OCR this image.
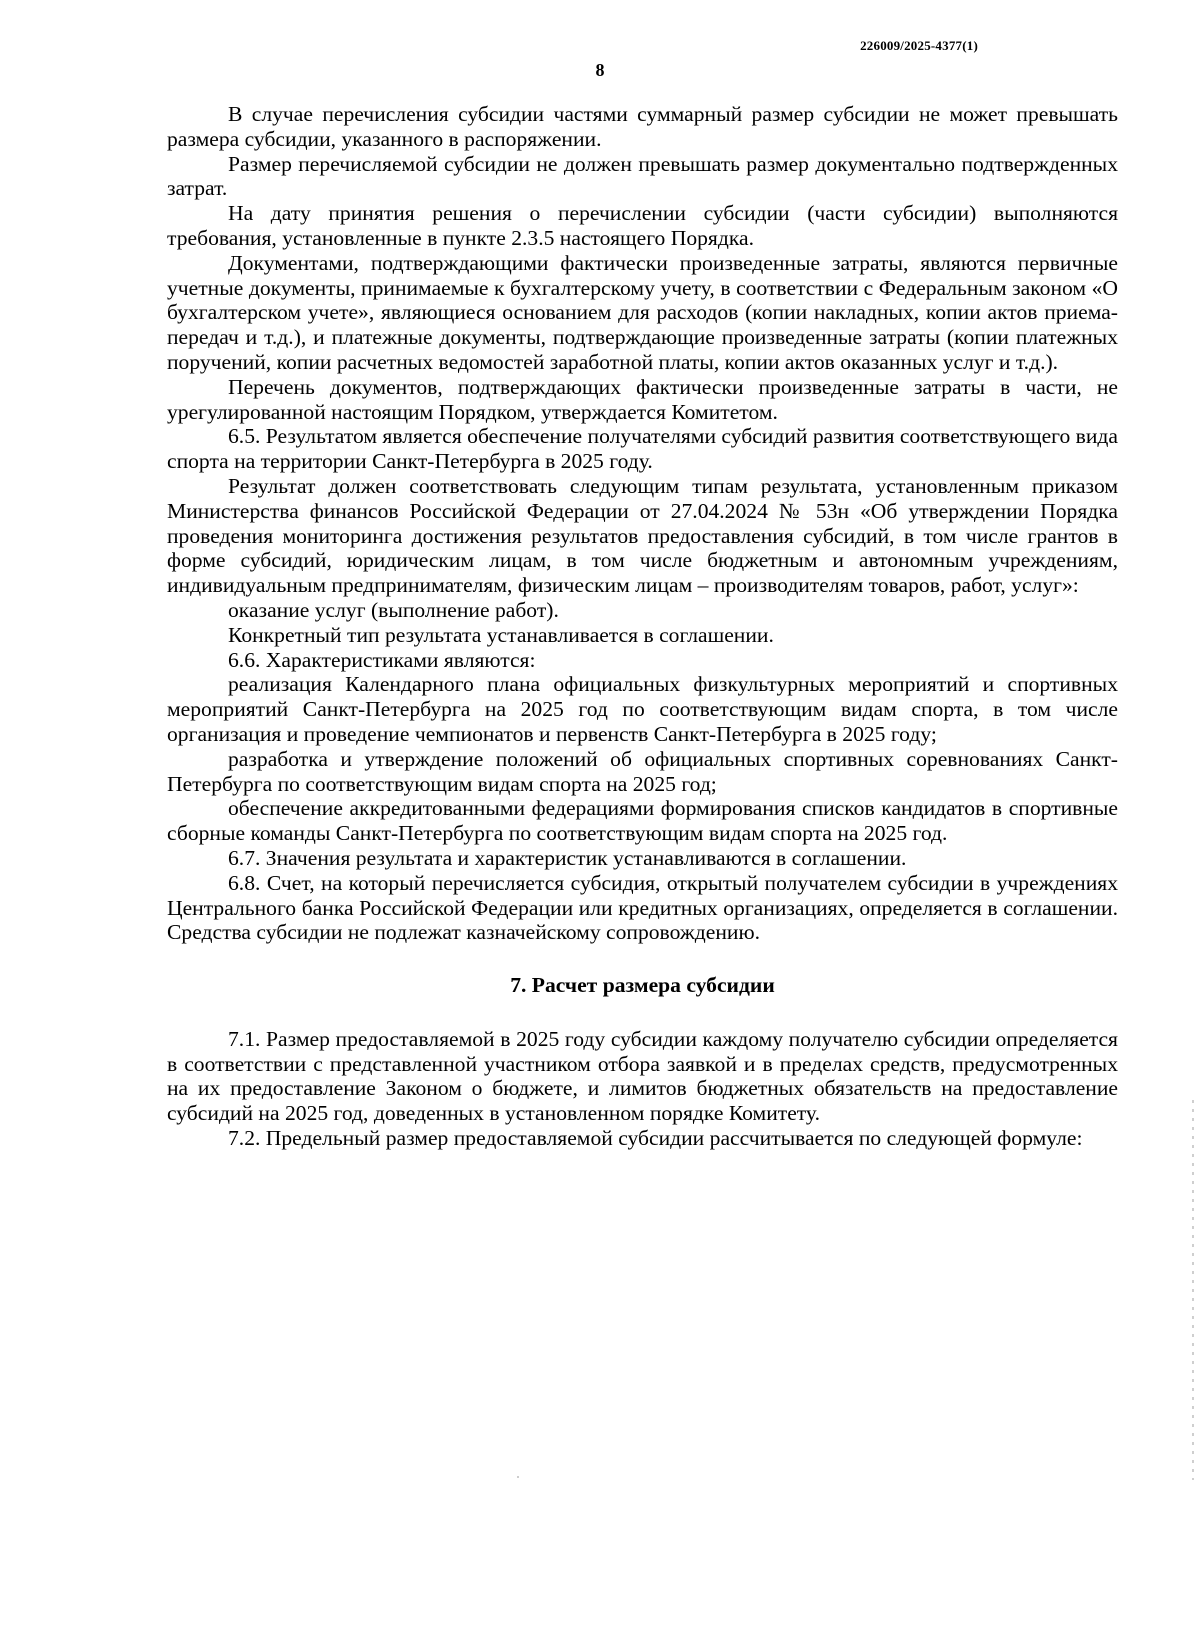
226009/2025-4377(1)
8

В случае перечисления субсидии частями суммарный размер субсидии не может превышать размера субсидии, указанного в распоряжении.

Размер перечисляемой субсидии не должен превышать размер документально подтвержденных затрат.

На дату принятия решения о перечислении субсидии (части субсидии) выполняются требования, установленные в пункте 2.3.5 настоящего Порядка.

Документами, подтверждающими фактически произведенные затраты, являются первичные учетные документы, принимаемые к бухгалтерскому учету, в соответствии с Федеральным законом «О бухгалтерском учете», являющиеся основанием для расходов (копии накладных, копии актов приема-передач и т.д.), и платежные документы, подтверждающие произведенные затраты (копии платежных поручений, копии расчетных ведомостей заработной платы, копии актов оказанных услуг и т.д.).

Перечень документов, подтверждающих фактически произведенные затраты в части, не урегулированной настоящим Порядком, утверждается Комитетом.

6.5. Результатом является обеспечение получателями субсидий развития соответствующего вида спорта на территории Санкт-Петербурга в 2025 году.

Результат должен соответствовать следующим типам результата, установленным приказом Министерства финансов Российской Федерации от 27.04.2024 № 53н «Об утверждении Порядка проведения мониторинга достижения результатов предоставления субсидий, в том числе грантов в форме субсидий, юридическим лицам, в том числе бюджетным и автономным учреждениям, индивидуальным предпринимателям, физическим лицам – производителям товаров, работ, услуг»:

оказание услуг (выполнение работ).

Конкретный тип результата устанавливается в соглашении.

6.6. Характеристиками являются:

реализация Календарного плана официальных физкультурных мероприятий и спортивных мероприятий Санкт-Петербурга на 2025 год по соответствующим видам спорта, в том числе организация и проведение чемпионатов и первенств Санкт-Петербурга в 2025 году;

разработка и утверждение положений об официальных спортивных соревнованиях Санкт-Петербурга по соответствующим видам спорта на 2025 год;

обеспечение аккредитованными федерациями формирования списков кандидатов в спортивные сборные команды Санкт-Петербурга по соответствующим видам спорта на 2025 год.

6.7. Значения результата и характеристик устанавливаются в соглашении.

6.8. Счет, на который перечисляется субсидия, открытый получателем субсидии в учреждениях Центрального банка Российской Федерации или кредитных организациях, определяется в соглашении. Средства субсидии не подлежат казначейскому сопровождению.

7. Расчет размера субсидии

7.1. Размер предоставляемой в 2025 году субсидии каждому получателю субсидии определяется в соответствии с представленной участником отбора заявкой и в пределах средств, предусмотренных на их предоставление Законом о бюджете, и лимитов бюджетных обязательств на предоставление субсидий на 2025 год, доведенных в установленном порядке Комитету.

7.2. Предельный размер предоставляемой субсидии рассчитывается по следующей формуле:
